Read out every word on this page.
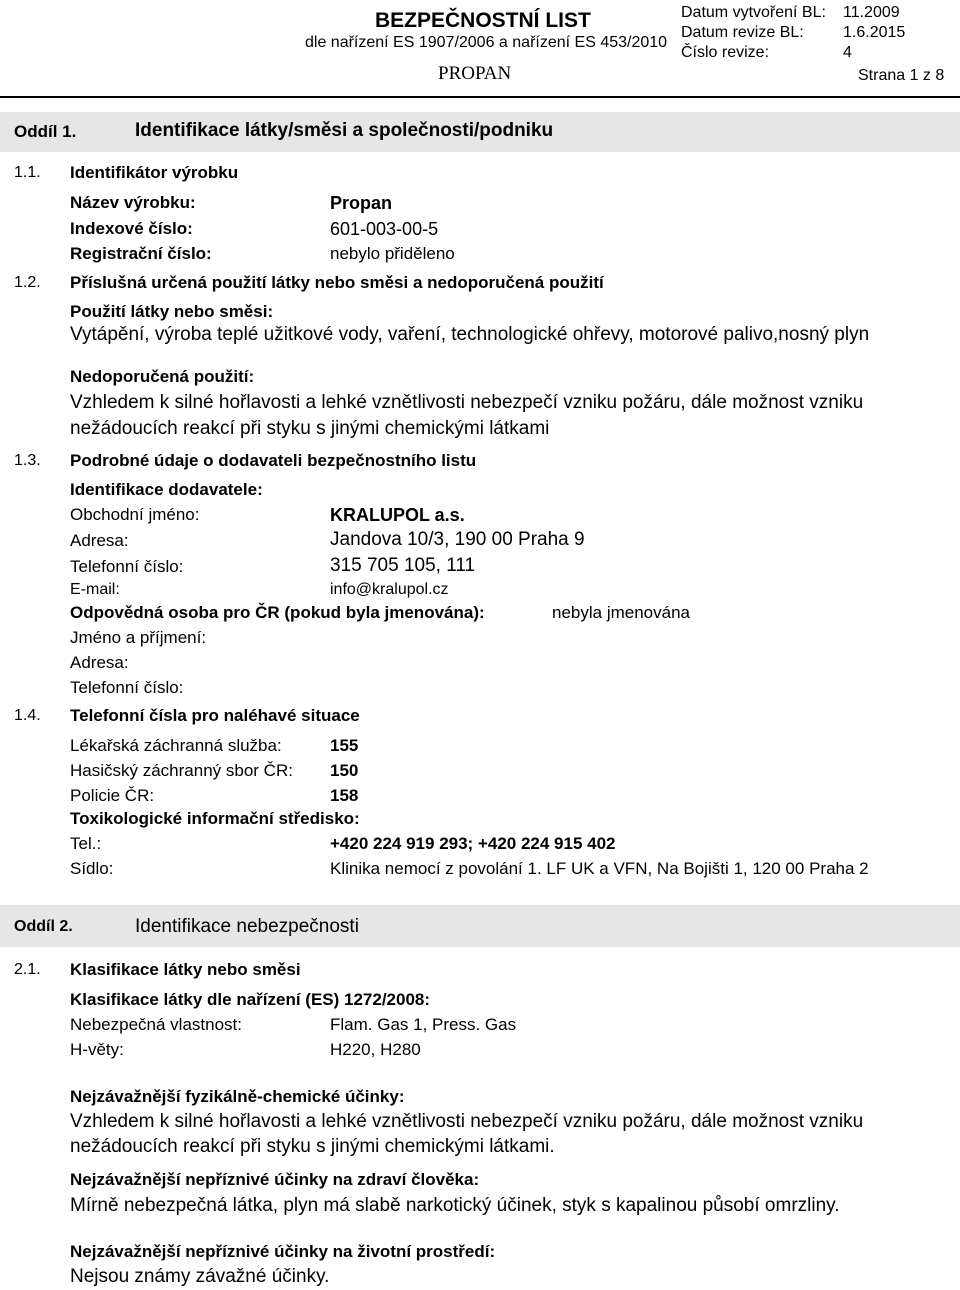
BEZPEČNOSTNÍ LIST
dle nařízení ES 1907/2006 a nařízení ES 453/2010
PROPAN
Datum vytvoření BL: 11.2009
Datum revize BL: 1.6.2015
Číslo revize:	4
Strana 1 z 8
Oddíl 1.	Identifikace látky/směsi a společnosti/podniku
1.1. Identifikátor výrobku
Název výrobku:	Propan
Indexové číslo:	601-003-00-5
Registrační číslo:	nebylo přiděleno
1.2. Příslušná určená použití látky nebo směsi a nedoporučená použití
Použití látky nebo směsi:
Vytápění, výroba teplé užitkové vody, vaření, technologické ohřevy, motorové palivo,nosný plyn
Nedoporučená použití:
Vzhledem k silné hořlavosti a lehké vznětlivosti nebezpečí vzniku požáru, dále možnost vzniku
nežádoucích reakcí při styku s jinými chemickými látkami
1.3. Podrobné údaje o dodavateli bezpečnostního listu
Identifikace dodavatele:
Obchodní jméno:	KRALUPOL a.s.
Adresa:	Jandova 10/3, 190 00 Praha 9
Telefonní číslo:	315 705 105, 111
E-mail:	info@kralupol.cz
Odpovědná osoba pro ČR (pokud byla jmenována):	nebyla jmenována
Jméno a příjmení:
Adresa:
Telefonní číslo:
1.4. Telefonní čísla pro naléhavé situace
Lékařská záchranná služba:	155
Hasičský záchranný sbor ČR: 150
Policie ČR:	158
Toxikologické informační středisko:
Tel.:	+420 224 919 293; +420 224 915 402
Sídlo:	Klinika nemocí z povolání 1. LF UK a VFN, Na Bojišti 1, 120 00 Praha 2
Oddíl 2.	Identifikace nebezpečnosti
2.1. Klasifikace látky nebo směsi
Klasifikace látky dle nařízení (ES) 1272/2008:
Nebezpečná vlastnost:	Flam. Gas 1, Press. Gas
H-věty:	H220, H280
Nejzávažnější fyzikálně-chemické účinky:
Vzhledem k silné hořlavosti a lehké vznětlivosti nebezpečí vzniku požáru, dále možnost vzniku
nežádoucích reakcí při styku s jinými chemickými látkami.
Nejzávažnější nepříznivé účinky na zdraví člověka:
Mírně nebezpečná látka, plyn má slabě narkotický účinek, styk s kapalinou působí omrzliny.
Nejzávažnější nepříznivé účinky na životní prostředí:
Nejsou známy závažné účinky.
